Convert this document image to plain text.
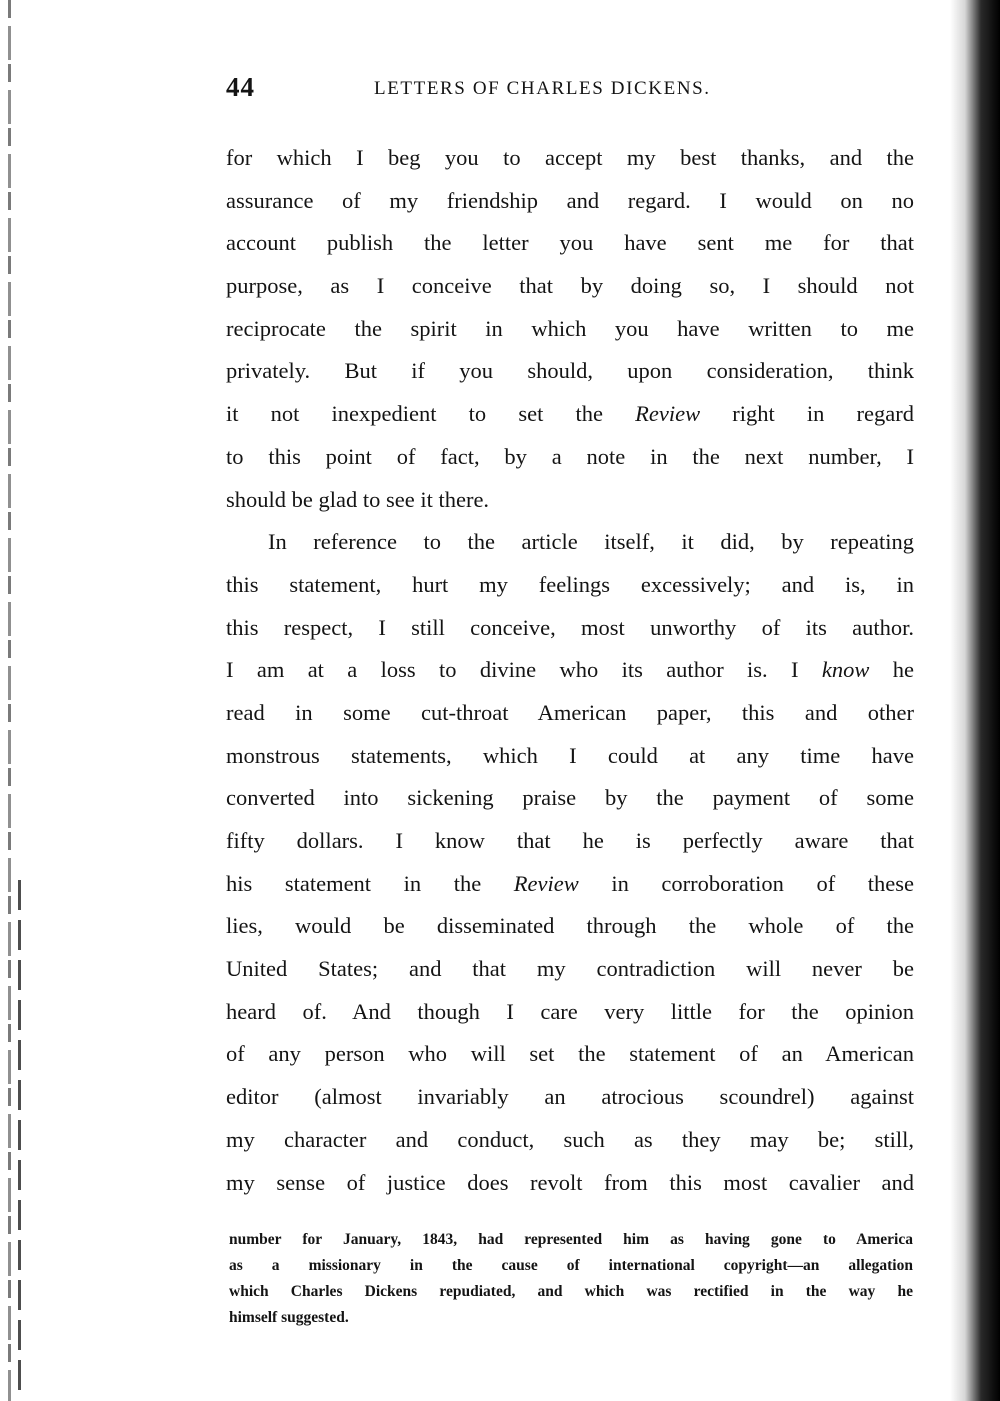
44	LETTERS OF CHARLES DICKENS.
for which I beg you to accept my best thanks, and the
assurance of my friendship and regard. I would on no
account publish the letter you have sent me for that
purpose, as I conceive that by doing so, I should not
reciprocate the spirit in which you have written to me
privately. But if you should, upon consideration, think
it not inexpedient to set the Review right in regard
to this point of fact, by a note in the next number, I
should be glad to see it there.
In reference to the article itself, it did, by repeating
this statement, hurt my feelings excessively; and is, in
this respect, I still conceive, most unworthy of its author.
I am at a loss to divine who its author is. I know he
read in some cut-throat American paper, this and other
monstrous statements, which I could at any time have
converted into sickening praise by the payment of some
fifty dollars. I know that he is perfectly aware that
his statement in the Review in corroboration of these
lies, would be disseminated through the whole of the
United States; and that my contradiction will never be
heard of. And though I care very little for the opinion
of any person who will set the statement of an American
editor (almost invariably an atrocious scoundrel) against
my character and conduct, such as they may be; still,
my sense of justice does revolt from this most cavalier and
number for January, 1843, had represented him as having gone to America
as a missionary in the cause of international copyright—an allegation
which Charles Dickens repudiated, and which was rectified in the way he
himself suggested.
